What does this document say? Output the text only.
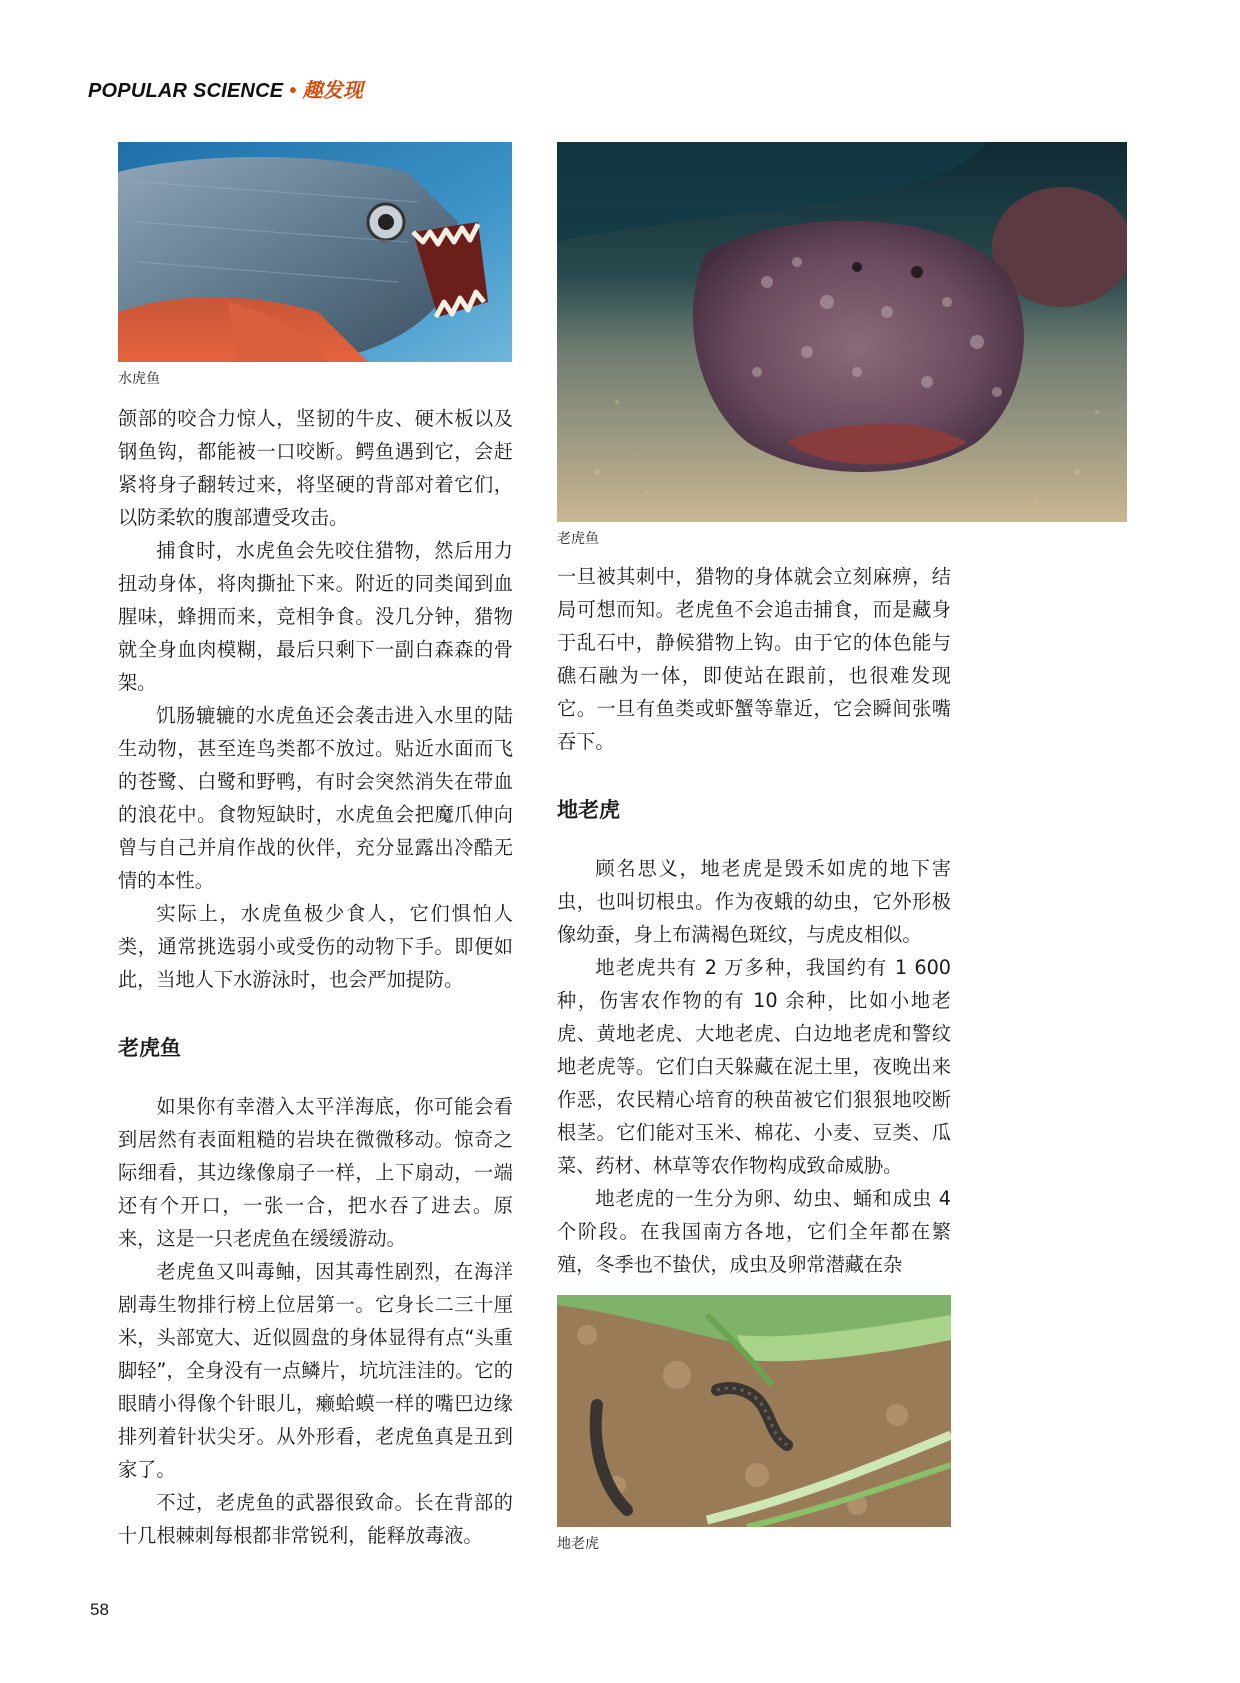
POPULAR SCIENCE • 趣发现
水虎鱼

颌部的咬合力惊人，坚韧的牛皮、硬木板以及钢鱼钩，都能被一口咬断。鳄鱼遇到它，会赶紧将身子翻转过来，将坚硬的背部对着它们，以防柔软的腹部遭受攻击。

捕食时，水虎鱼会先咬住猎物，然后用力扭动身体，将肉撕扯下来。附近的同类闻到血腥味，蜂拥而来，竞相争食。没几分钟，猎物就全身血肉模糊，最后只剩下一副白森森的骨架。

饥肠辘辘的水虎鱼还会袭击进入水里的陆生动物，甚至连鸟类都不放过。贴近水面而飞的苍鹭、白鹭和野鸭，有时会突然消失在带血的浪花中。食物短缺时，水虎鱼会把魔爪伸向曾与自己并肩作战的伙伴，充分显露出冷酷无情的本性。

实际上，水虎鱼极少食人，它们惧怕人类，通常挑选弱小或受伤的动物下手。即便如此，当地人下水游泳时，也会严加提防。

老虎鱼

如果你有幸潜入太平洋海底，你可能会看到居然有表面粗糙的岩块在微微移动。惊奇之际细看，其边缘像扇子一样，上下扇动，一端还有个开口，一张一合，把水吞了进去。原来，这是一只老虎鱼在缓缓游动。

老虎鱼又叫毒鲉，因其毒性剧烈，在海洋剧毒生物排行榜上位居第一。它身长二三十厘米，头部宽大、近似圆盘的身体显得有点“头重脚轻”，全身没有一点鳞片，坑坑洼洼的。它的眼睛小得像个针眼儿，癞蛤蟆一样的嘴巴边缘排列着针状尖牙。从外形看，老虎鱼真是丑到家了。

不过，老虎鱼的武器很致命。长在背部的十几根棘刺每根都非常锐利，能释放毒液。

老虎鱼

一旦被其刺中，猎物的身体就会立刻麻痹，结局可想而知。老虎鱼不会追击捕食，而是藏身于乱石中，静候猎物上钩。由于它的体色能与礁石融为一体，即使站在跟前，也很难发现它。一旦有鱼类或虾蟹等靠近，它会瞬间张嘴吞下。

地老虎

顾名思义，地老虎是毁禾如虎的地下害虫，也叫切根虫。作为夜蛾的幼虫，它外形极像幼蚕，身上布满褐色斑纹，与虎皮相似。

地老虎共有 2 万多种，我国约有 1 600 种，伤害农作物的有 10 余种，比如小地老虎、黄地老虎、大地老虎、白边地老虎和警纹地老虎等。它们白天躲藏在泥土里，夜晚出来作恶，农民精心培育的秧苗被它们狠狠地咬断根茎。它们能对玉米、棉花、小麦、豆类、瓜菜、药材、林草等农作物构成致命威胁。

地老虎的一生分为卵、幼虫、蛹和成虫 4 个阶段。在我国南方各地，它们全年都在繁殖，冬季也不蛰伏，成虫及卵常潜藏在杂

地老虎
58
